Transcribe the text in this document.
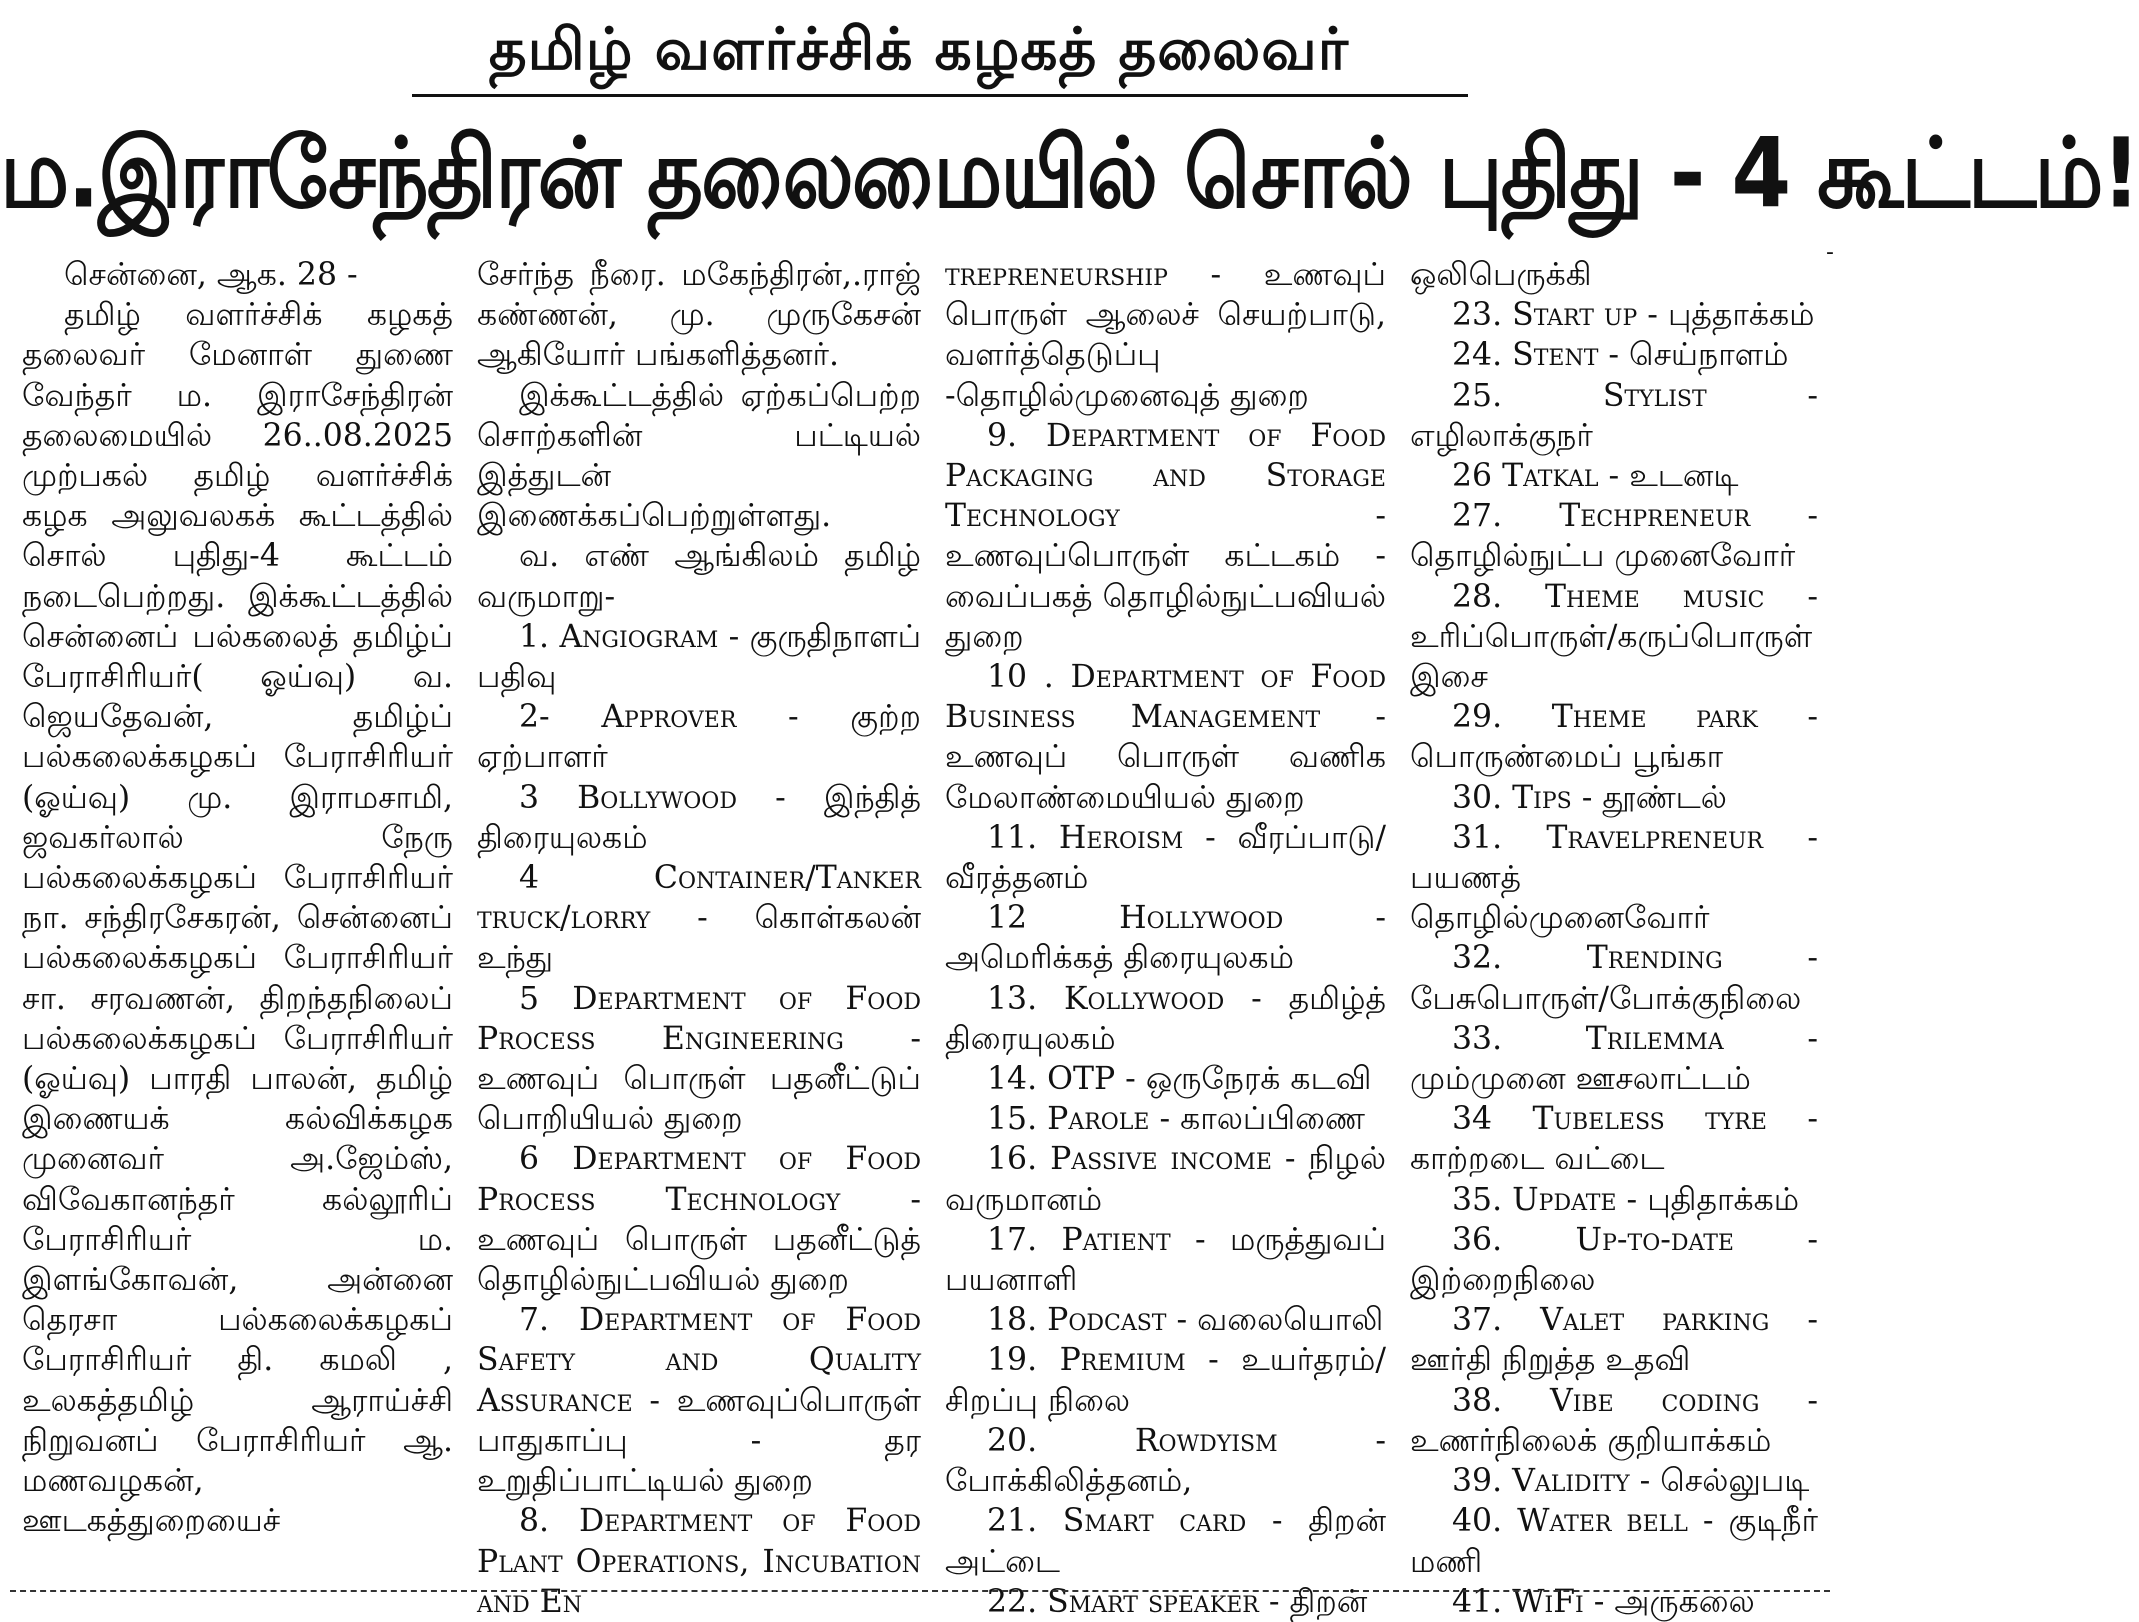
தமிழ் வளர்ச்சிக் கழகத் தலைவர்
ம.இராசேந்திரன் தலைமையில் சொல் புதிது - 4 கூட்டம்!
-

சென்னை, ஆக. 28 -

தமிழ் வளர்ச்சிக் கழகத் தலைவர் மேனாள் துணை வேந்தர் ம. இராசேந்திரன் தலைமையில் 26..08.2025 முற்பகல் தமிழ் வளர்ச்சிக் கழக அலுவலகக் கூட்டத்தில் சொல் புதிது-4 கூட்டம் நடைபெற்றது. இக்கூட்டத்தில் சென்னைப் பல்கலைத் தமிழ்ப் பேராசிரியர்( ஓய்வு) வ. ஜெயதேவன், தமிழ்ப் பல்கலைக்கழகப் பேராசிரியர் (ஓய்வு) மு. இராமசாமி, ஜவகர்லால் நேரு பல்கலைக்கழகப் பேராசிரியர் நா. சந்திரசேகரன், சென்னைப் பல்கலைக்கழகப் பேராசிரியர் சா. சரவணன், திறந்தநிலைப் பல்கலைக்கழகப் பேராசிரியர் (ஓய்வு) பாரதி பாலன், தமிழ் இணையக் கல்விக்கழக முனைவர் அ.ஜேம்ஸ், விவேகானந்தர் கல்லூரிப் பேராசிரியர் ம. இளங்கோவன், அன்னை தெரசா பல்கலைக்கழகப் பேராசிரியர் தி. கமலி , உலகத்தமிழ் ஆராய்ச்சி நிறுவனப் பேராசிரியர் ஆ. மணவழகன், ஊடகத்துறையைச்

சேர்ந்த நீரை. மகேந்திரன்,.ராஜ் கண்ணன், மு. முருகேசன் ஆகியோர் பங்களித்தனர்.

இக்கூட்டத்தில் ஏற்கப்பெற்ற சொற்களின் பட்டியல் இத்துடன் இணைக்கப்பெற்றுள்ளது.

வ. எண் ஆங்கிலம் தமிழ் வருமாறு-

1. Angiogram - குருதிநாளப் பதிவு
2- Approver - குற்ற ஏற்பாளர்
3 Bollywood - இந்தித் திரையுலகம்
4	Container/Tanker truck/lorry - கொள்கலன் உந்து
5 Department of Food Process Engineering - உணவுப் பொருள் பதனீட்டுப் பொறியியல் துறை
6 Department of Food Process Technology - உணவுப் பொருள் பதனீட்டுத் தொழில்நுட்பவியல் துறை
7. Department of Food Safety and Quality Assurance - உணவுப்பொருள் பாதுகாப்பு - தர உறுதிப்பாட்டியல் துறை
8. Department of Food Plant Operations, Incubation and En
trepreneurship - உணவுப் பொருள் ஆலைச் செயற்பாடு, வளர்த்தெடுப்பு -தொழில்முனைவுத் துறை
9. Department of Food Packaging and Storage Technology - உணவுப்பொருள் கட்டகம் - வைப்பகத் தொழில்நுட்பவியல் துறை
10 . Department of Food Business Management - உணவுப் பொருள் வணிக மேலாண்மையியல் துறை
11. Heroism - வீரப்பாடு/ வீரத்தனம்
12	Hollywood - அமெரிக்கத் திரையுலகம்
13. Kollywood - தமிழ்த் திரையுலகம்
14. OTP - ஒருநேரக் கடவி
15. Parole - காலப்பிணை
16. Passive income - நிழல் வருமானம்
17. Patient - மருத்துவப் பயனாளி
18. Podcast - வலையொலி
19. Premium - உயர்தரம்/ சிறப்பு நிலை
20.	Rowdyism - போக்கிலித்தனம்,
21. Smart card - திறன் அட்டை
22. Smart speaker - திறன்
ஒலிபெருக்கி
23. Start up - புத்தாக்கம்
24. Stent - செய்நாளம்
25.	Stylist - எழிலாக்குநர்
26 Tatkal - உடனடி
27. Techpreneur - தொழில்நுட்ப முனைவோர்
28. Theme music - உரிப்பொருள்/கருப்பொருள் இசை
29. Theme park - பொருண்மைப் பூங்கா
30. Tips - தூண்டல்
31. Travelpreneur - பயணத் தொழில்முனைவோர்
32.	Trending - பேசுபொருள்/போக்குநிலை
33.	Trilemma - மும்முனை ஊசலாட்டம்
34 Tubeless tyre - காற்றடை வட்டை
35. Update - புதிதாக்கம்
36. Up-to-date - இற்றைநிலை
37. Valet parking - ஊர்தி நிறுத்த உதவி
38. Vibe coding - உணர்நிலைக் குறியாக்கம்
39. Validity - செல்லுபடி
40. Water bell - குடிநீர் மணி
41. WiFi - அருகலை
